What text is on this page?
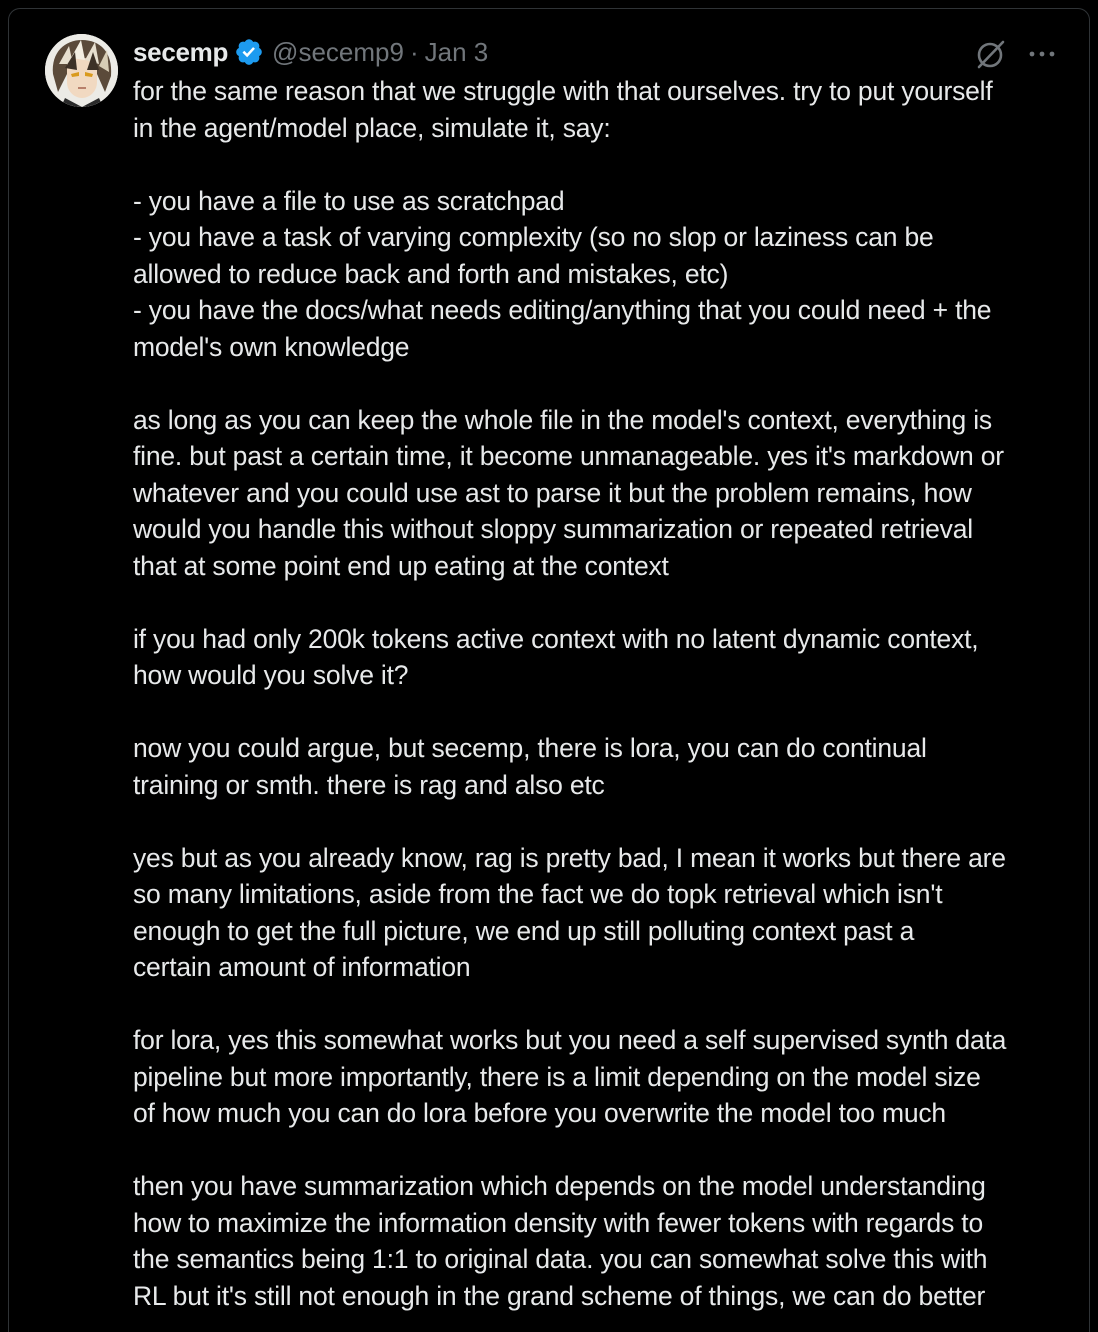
secemp @secemp9 · Jan 3

for the same reason that we struggle with that ourselves. try to put yourself
in the agent/model place, simulate it, say:

- you have a file to use as scratchpad
- you have a task of varying complexity (so no slop or laziness can be
allowed to reduce back and forth and mistakes, etc)
- you have the docs/what needs editing/anything that you could need + the
model's own knowledge

as long as you can keep the whole file in the model's context, everything is
fine. but past a certain time, it become unmanageable. yes it's markdown or
whatever and you could use ast to parse it but the problem remains, how
would you handle this without sloppy summarization or repeated retrieval
that at some point end up eating at the context

if you had only 200k tokens active context with no latent dynamic context,
how would you solve it?

now you could argue, but secemp, there is lora, you can do continual
training or smth. there is rag and also etc

yes but as you already know, rag is pretty bad, I mean it works but there are
so many limitations, aside from the fact we do topk retrieval which isn't
enough to get the full picture, we end up still polluting context past a
certain amount of information

for lora, yes this somewhat works but you need a self supervised synth data
pipeline but more importantly, there is a limit depending on the model size
of how much you can do lora before you overwrite the model too much

then you have summarization which depends on the model understanding
how to maximize the information density with fewer tokens with regards to
the semantics being 1:1 to original data. you can somewhat solve this with
RL but it's still not enough in the grand scheme of things, we can do better
